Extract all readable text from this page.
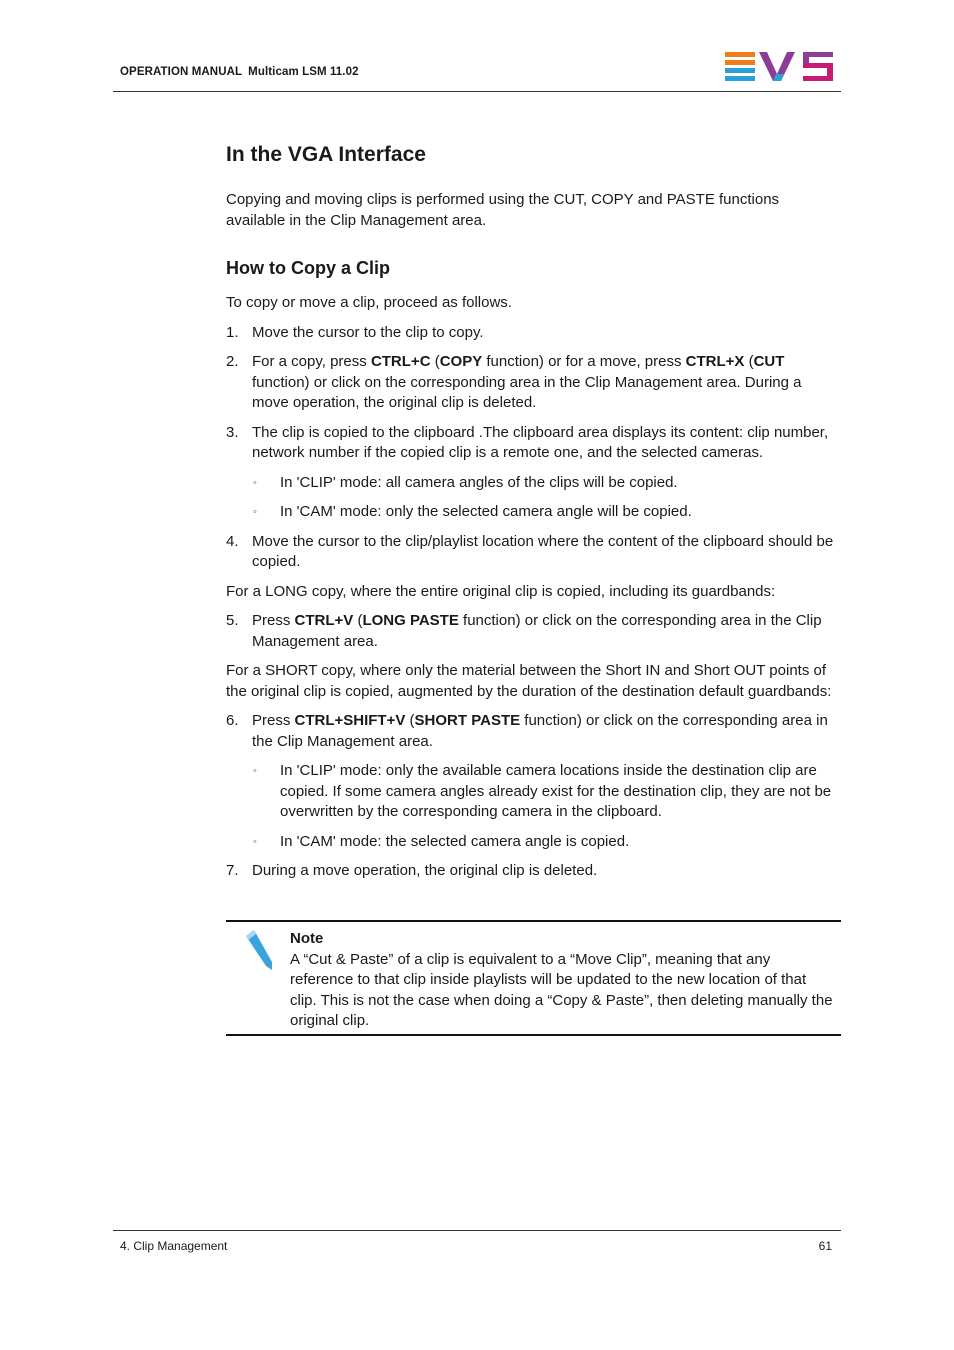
OPERATION MANUAL Multicam LSM 11.02
In the VGA Interface

Copying and moving clips is performed using the CUT, COPY and PASTE functions available in the Clip Management area.

How to Copy a Clip

To copy or move a clip, proceed as follows.

1. Move the cursor to the clip to copy.
2. For a copy, press CTRL+C (COPY function) or for a move, press CTRL+X (CUT function) or click on the corresponding area in the Clip Management area. During a move operation, the original clip is deleted.
3. The clip is copied to the clipboard .The clipboard area displays its content: clip number, network number if the copied clip is a remote one, and the selected cameras.
◦ In 'CLIP' mode: all camera angles of the clips will be copied.
◦ In 'CAM' mode: only the selected camera angle will be copied.
4. Move the cursor to the clip/playlist location where the content of the clipboard should be copied.

For a LONG copy, where the entire original clip is copied, including its guardbands:

5. Press CTRL+V (LONG PASTE function) or click on the corresponding area in the Clip Management area.

For a SHORT copy, where only the material between the Short IN and Short OUT points of the original clip is copied, augmented by the duration of the destination default guardbands:

6. Press CTRL+SHIFT+V (SHORT PASTE function) or click on the corresponding area in the Clip Management area.
◦ In 'CLIP' mode: only the available camera locations inside the destination clip are copied. If some camera angles already exist for the destination clip, they are not be overwritten by the corresponding camera in the clipboard.
◦ In 'CAM' mode: the selected camera angle is copied.
7. During a move operation, the original clip is deleted.
Note
A “Cut & Paste” of a clip is equivalent to a “Move Clip”, meaning that any reference to that clip inside playlists will be updated to the new location of that clip. This is not the case when doing a “Copy & Paste”, then deleting manually the original clip.
4. Clip Management	61
